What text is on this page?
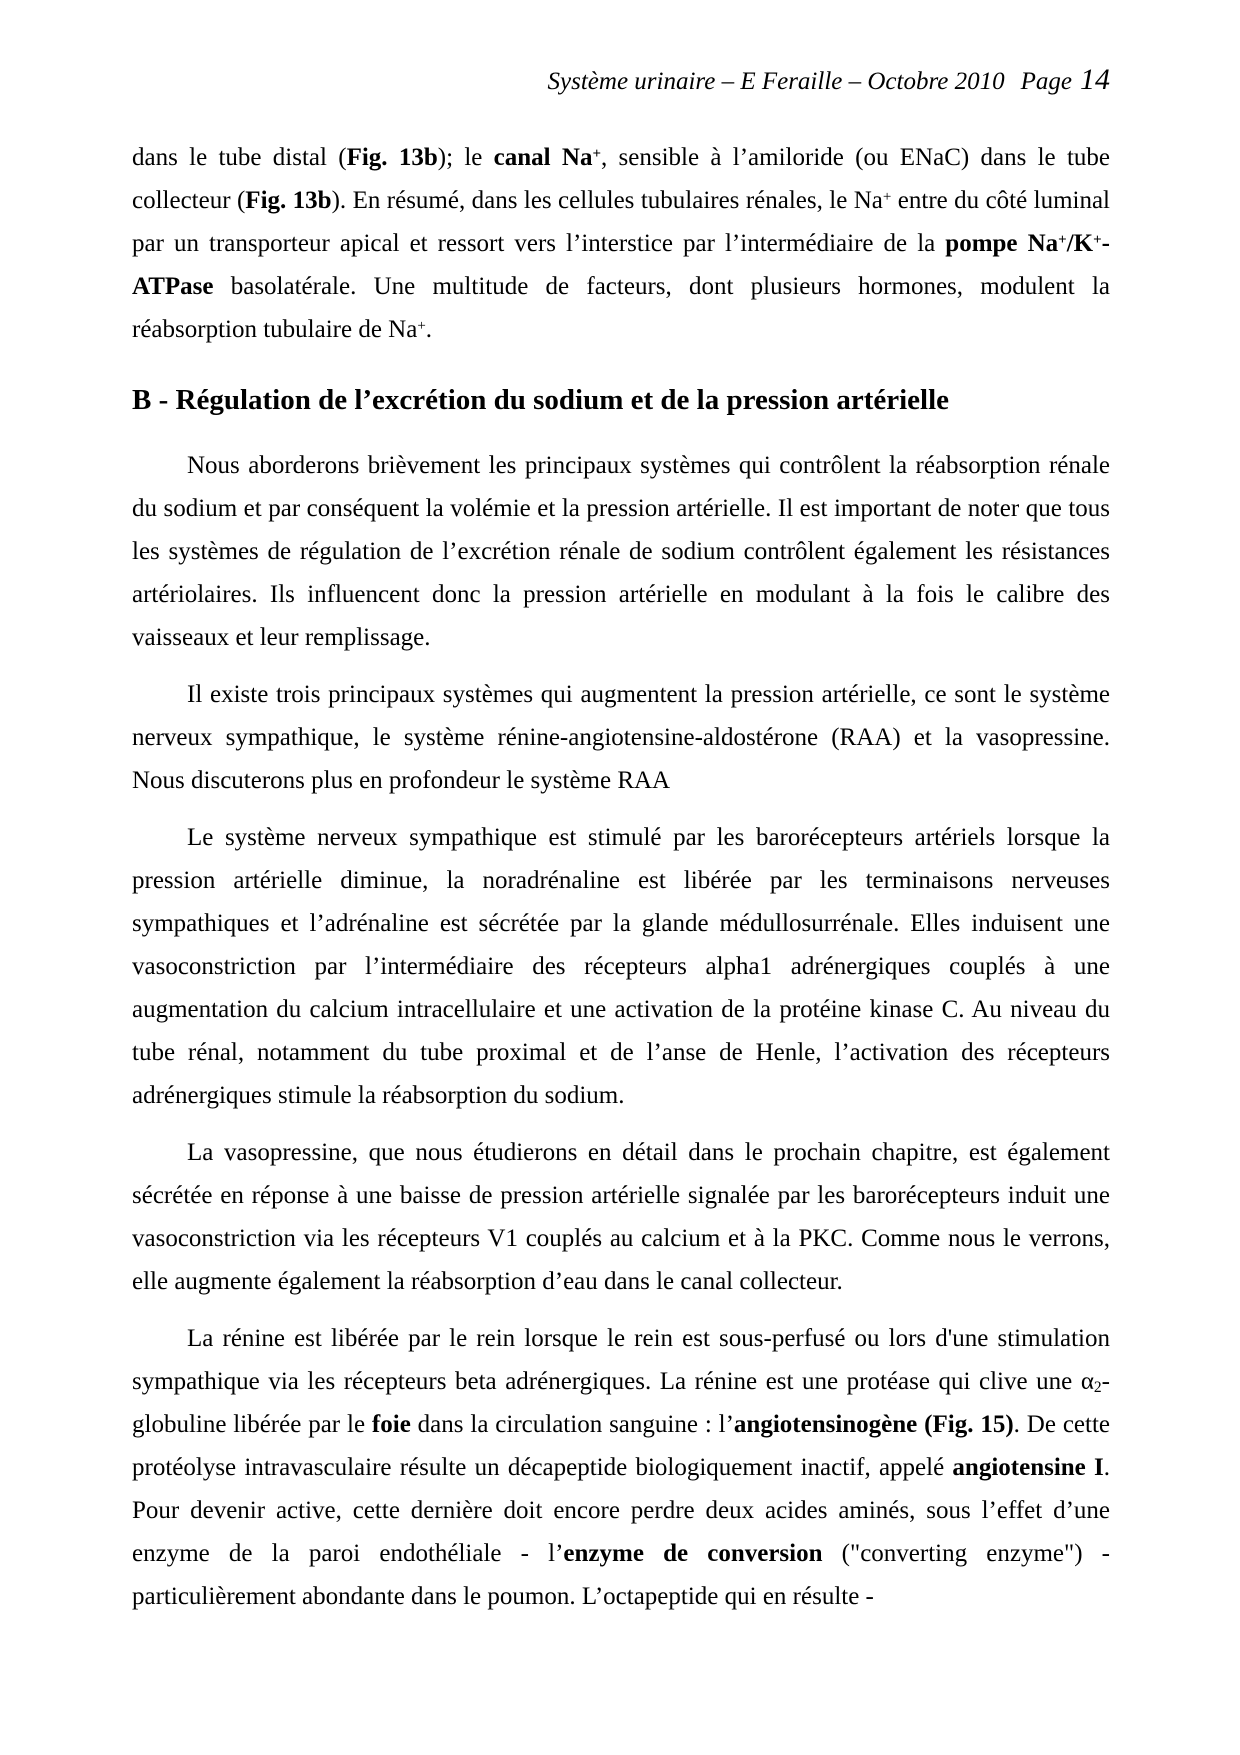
Système urinaire – E Feraille – Octobre 2010 Page 14

dans le tube distal (Fig. 13b); le canal Na+, sensible à l’amiloride (ou ENaC) dans le tube collecteur (Fig. 13b). En résumé, dans les cellules tubulaires rénales, le Na+ entre du côté luminal par un transporteur apical et ressort vers l’interstice par l’intermédiaire de la pompe Na+/K+-ATPase basolatérale. Une multitude de facteurs, dont plusieurs hormones, modulent la réabsorption tubulaire de Na+.

B - Régulation de l’excrétion du sodium et de la pression artérielle

Nous aborderons brièvement les principaux systèmes qui contrôlent la réabsorption rénale du sodium et par conséquent la volémie et la pression artérielle. Il est important de noter que tous les systèmes de régulation de l’excrétion rénale de sodium contrôlent également les résistances artériolaires. Ils influencent donc la pression artérielle en modulant à la fois le calibre des vaisseaux et leur remplissage.

Il existe trois principaux systèmes qui augmentent la pression artérielle, ce sont le système nerveux sympathique, le système rénine-angiotensine-aldostérone (RAA) et la vasopressine. Nous discuterons plus en profondeur le système RAA

Le système nerveux sympathique est stimulé par les barorécepteurs artériels lorsque la pression artérielle diminue, la noradrénaline est libérée par les terminaisons nerveuses sympathiques et l’adrénaline est sécrétée par la glande médullosurrénale. Elles induisent une vasoconstriction par l’intermédiaire des récepteurs alpha1 adrénergiques couplés à une augmentation du calcium intracellulaire et une activation de la protéine kinase C. Au niveau du tube rénal, notamment du tube proximal et de l’anse de Henle, l’activation des récepteurs adrénergiques stimule la réabsorption du sodium.

La vasopressine, que nous étudierons en détail dans le prochain chapitre, est également sécrétée en réponse à une baisse de pression artérielle signalée par les barorécepteurs induit une vasoconstriction via les récepteurs V1 couplés au calcium et à la PKC. Comme nous le verrons, elle augmente également la réabsorption d’eau dans le canal collecteur.

La rénine est libérée par le rein lorsque le rein est sous-perfusé ou lors d'une stimulation sympathique via les récepteurs beta adrénergiques. La rénine est une protéase qui clive une α2-globuline libérée par le foie dans la circulation sanguine : l’angiotensinogène (Fig. 15). De cette protéolyse intravasculaire résulte un décapeptide biologiquement inactif, appelé angiotensine I. Pour devenir active, cette dernière doit encore perdre deux acides aminés, sous l’effet d’une enzyme de la paroi endothéliale - l’enzyme de conversion ("converting enzyme") - particulièrement abondante dans le poumon. L’octapeptide qui en résulte -
